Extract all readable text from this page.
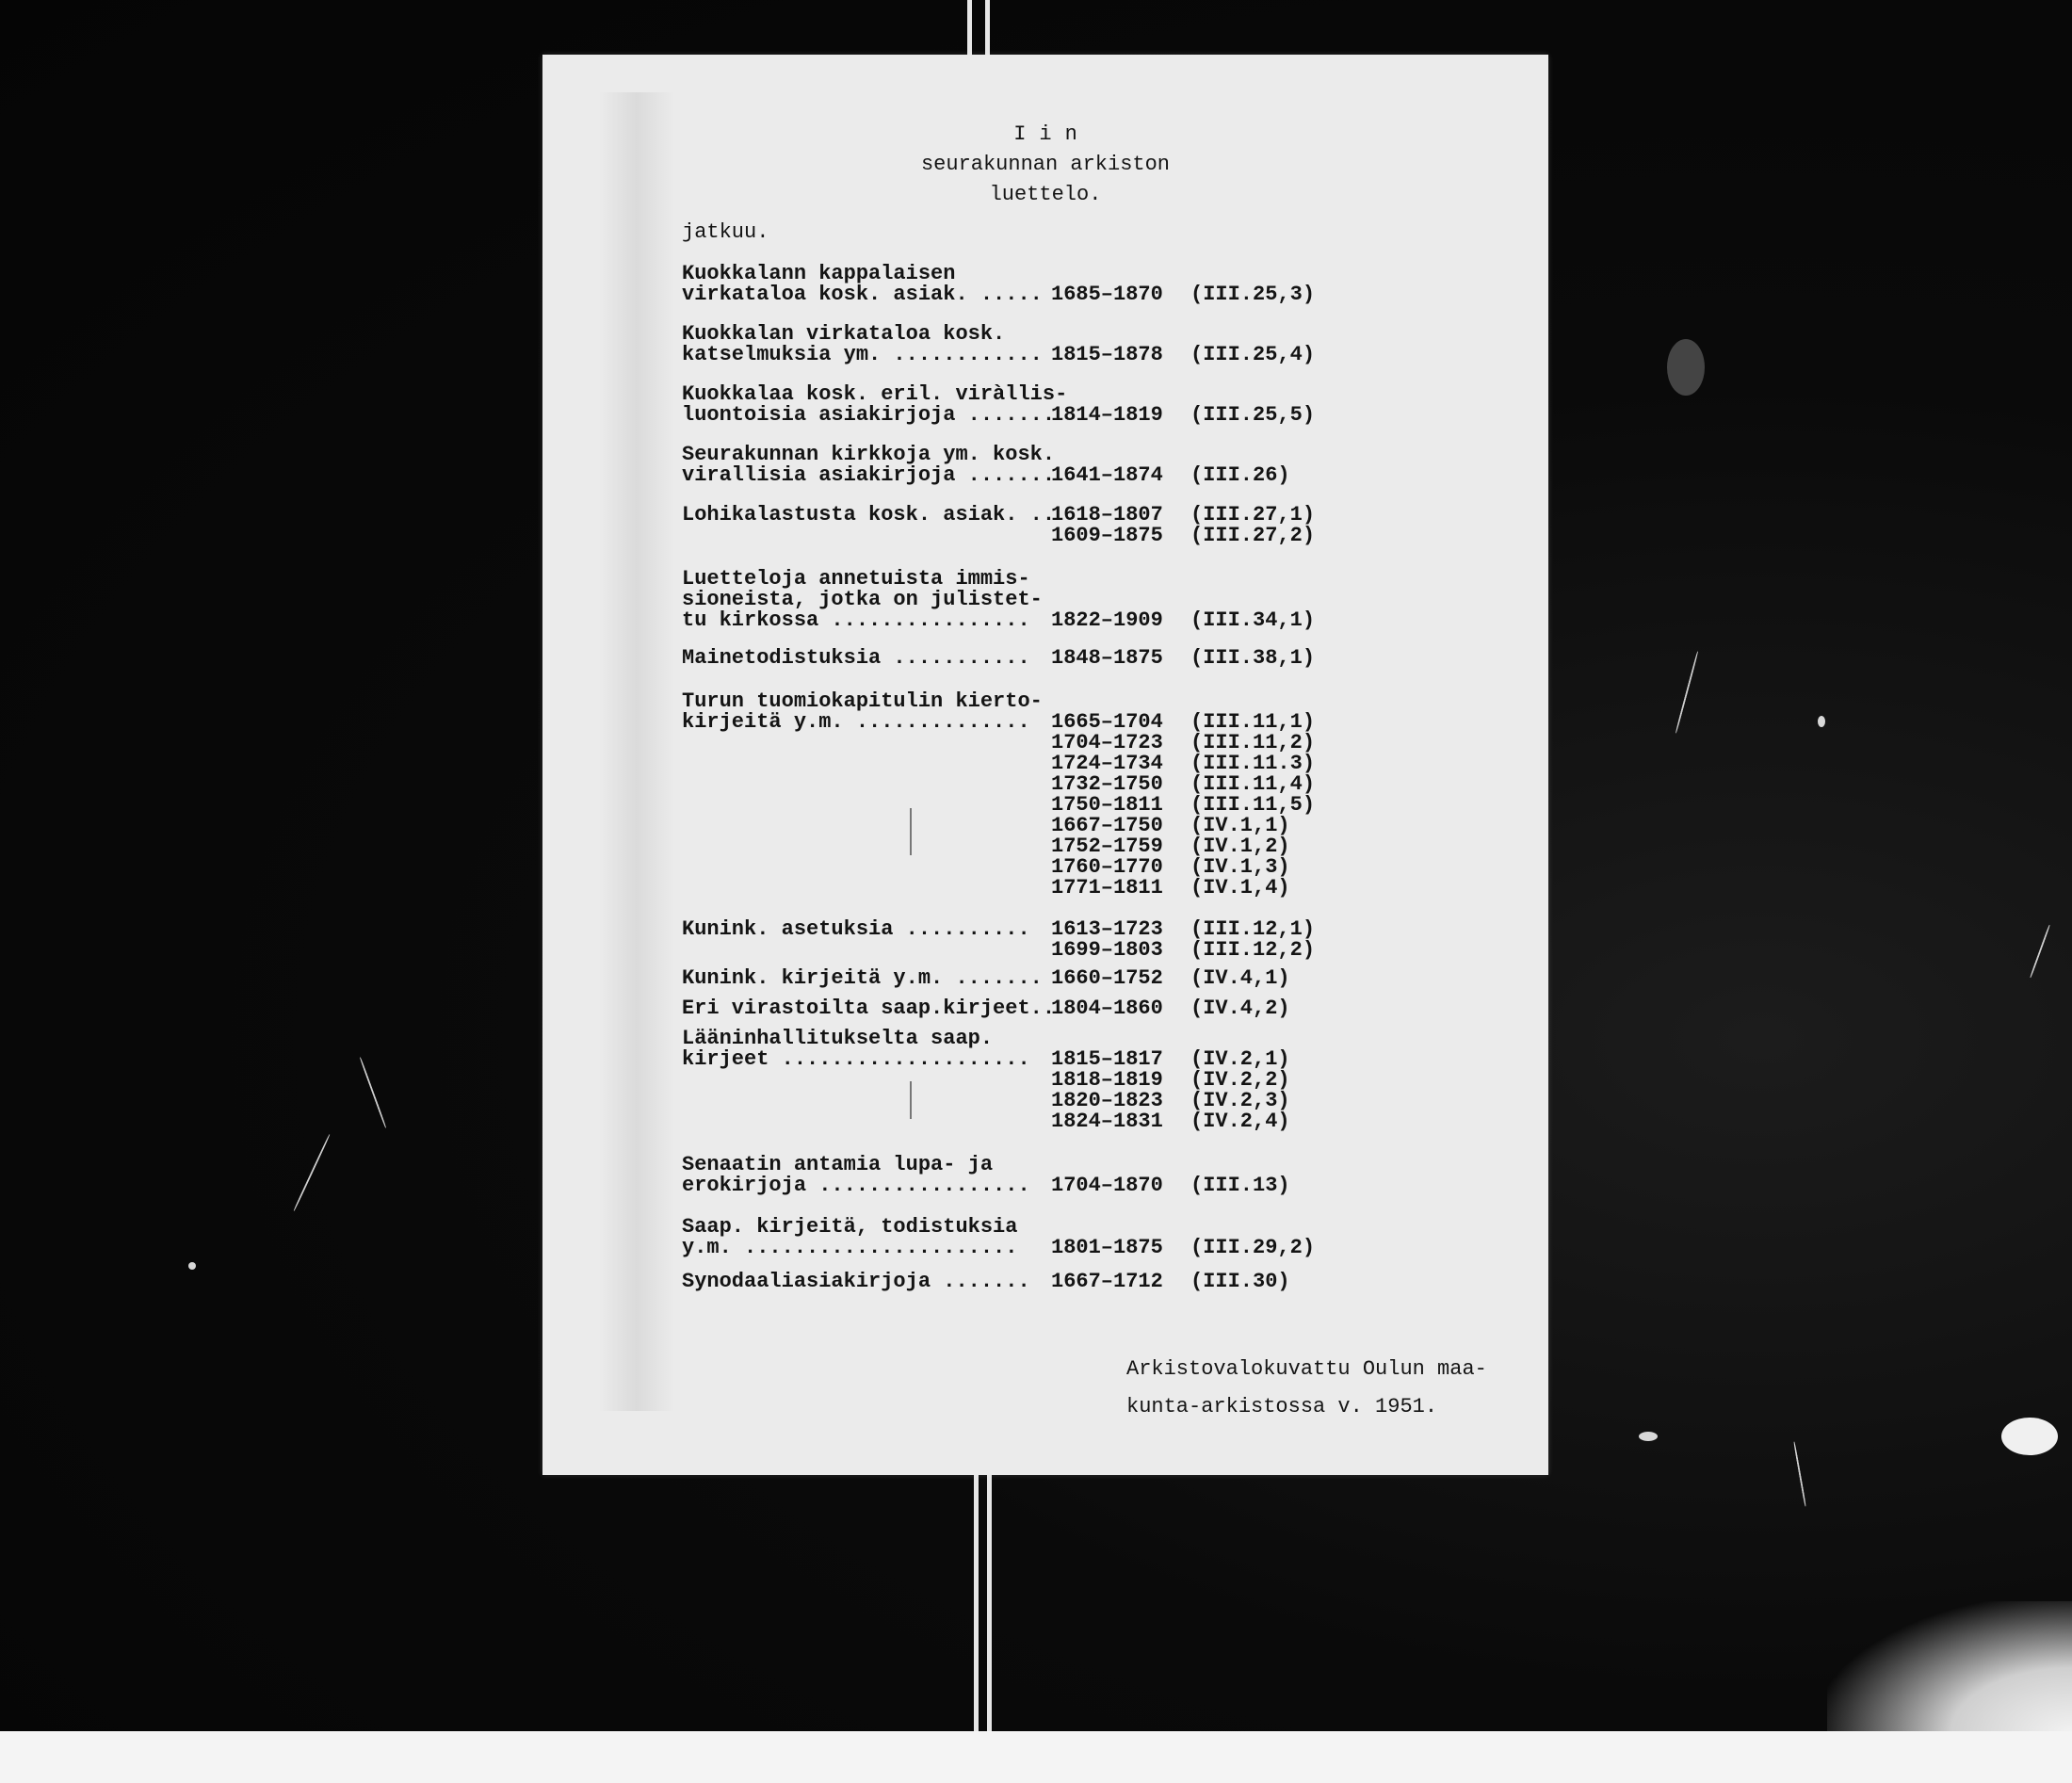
Iin
seurakunnan arkiston
luettelo.
jatkuu.
Kuokkalann kappalaisen
virkataloa kosk. asiak. ..... 1685–1870 (III.25,3)
Kuokkalan virkataloa kosk.
katselmuksia ym. ............ 1815–1878 (III.25,4)
Kuokkalaa kosk. eril. viràllis-
luontoisia asiakirjoja .......
1814–1819 (III.25,5)
Seurakunnan kirkkoja ym. kosk.
virallisia asiakirjoja .......
1641–1874 (III.26)
Lohikalastusta kosk. asiak. ..
1618–1807
1609–1875
(III.27,1)
(III.27,2)
Luetteloja annetuista immis-
sioneista, jotka on julistet-
tu kirkossa ................	1822–1909 (III.34,1)
Mainetodistuksia ........... 1848–1875 (III.38,1)
Turun tuomiokapitulin kierto-
kirjeitä y.m. ..............	1665–1704
1704–1723
1724–1734
1732–1750
1750–1811
1667–1750
1752–1759
1760–1770
1771–1811
(III.11,1)
(III.11,2)
(III.11.3)
(III.11,4)
(III.11,5)
(IV.1,1)
(IV.1,2)
(IV.1,3)
(IV.1,4)
Kunink. asetuksia .......... 1613–1723
1699–1803
(III.12,1)
(III.12,2)
Kunink. kirjeitä y.m. ....... 1660–1752 (IV.4,1)
Eri virastoilta saap.kirjeet..
1804–1860 (IV.4,2)
Lääninhallitukselta saap.
kirjeet .................... 1815–1817
1818–1819
1820–1823
1824–1831
(IV.2,1)
(IV.2,2)
(IV.2,3)
(IV.2,4)
Senaatin antamia lupa- ja
erokirjoja ................. 1704–1870 (III.13)
Saap. kirjeitä, todistuksia
y.m. ...................... 1801–1875 (III.29,2)
Synodaaliasiakirjoja ....... 1667–1712 (III.30)
Arkistovalokuvattu Oulun maa-
kunta-arkistossa v. 1951.
